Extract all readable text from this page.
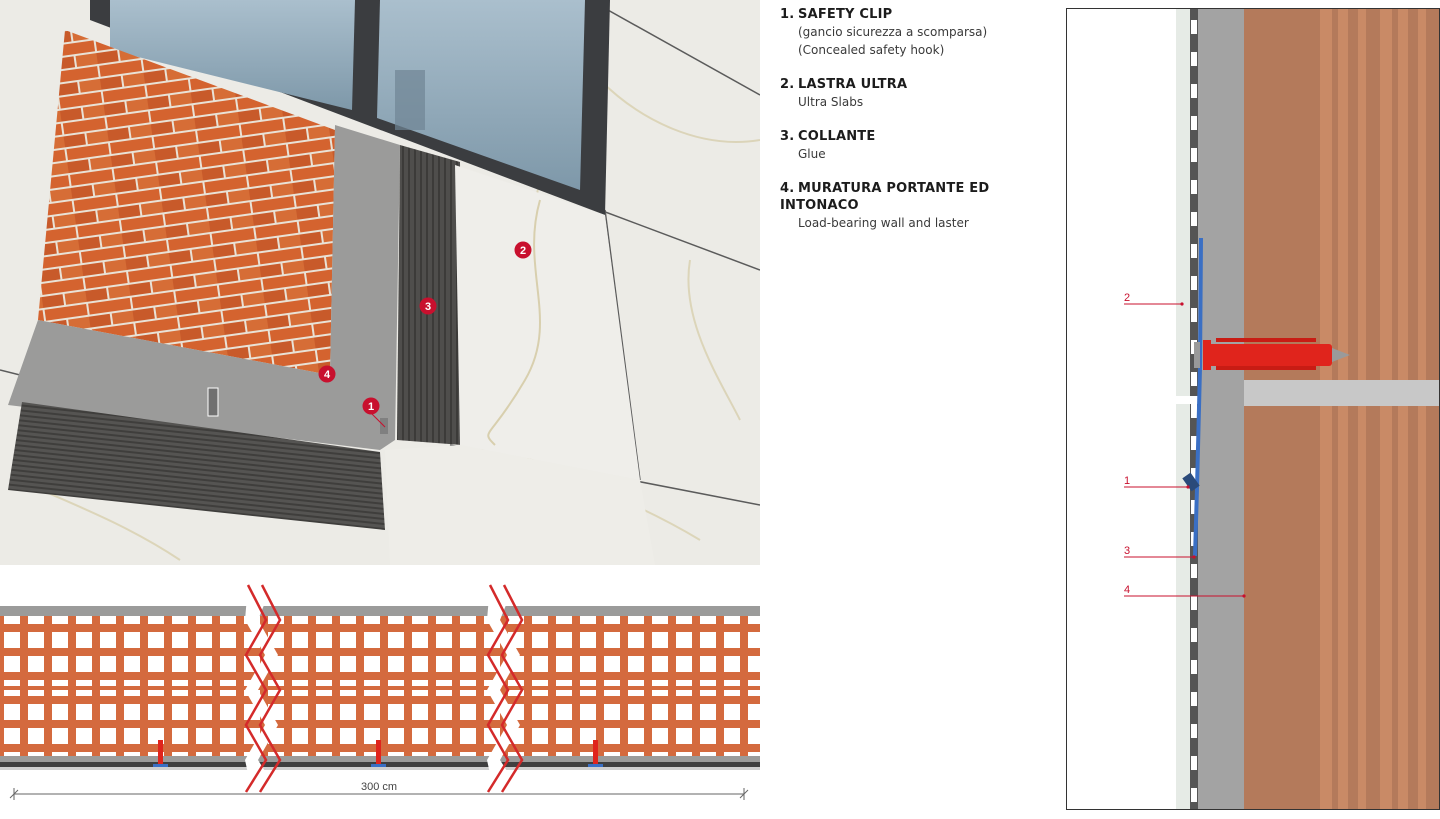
2
3
4
1
300 cm
1. SAFETY CLIP
(gancio sicurezza a scomparsa)
(Concealed safety hook)
2. LASTRA ULTRA
Ultra Slabs
3. COLLANTE
Glue
4. MURATURA PORTANTE ED INTONACO
Load-bearing wall and laster
2
1
3
4
